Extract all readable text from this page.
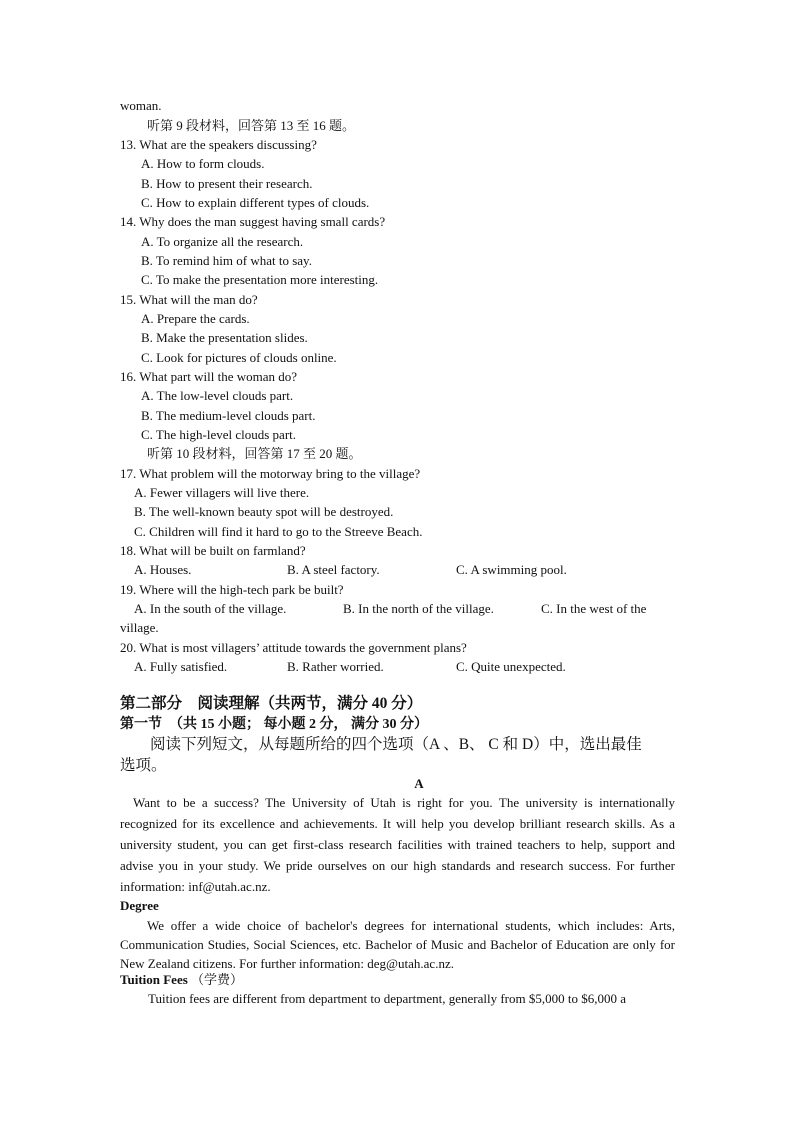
woman.
听第 9 段材料，回答第 13 至 16 题。
13. What are the speakers discussing?
A. How to form clouds.
B. How to present their research.
C. How to explain different types of clouds.
14. Why does the man suggest having small cards?
A. To organize all the research.
B. To remind him of what to say.
C. To make the presentation more interesting.
15. What will the man do?
A. Prepare the cards.
B. Make the presentation slides.
C. Look for pictures of clouds online.
16. What part will the woman do?
A. The low-level clouds part.
B. The medium-level clouds part.
C. The high-level clouds part.
听第 10 段材料，回答第 17 至 20 题。
17. What problem will the motorway bring to the village?
A. Fewer villagers will live there.
B. The well-known beauty spot will be destroyed.
C. Children will find it hard to go to the Streeve Beach.
18. What will be built on farmland?
A. Houses.	B. A steel factory.	C. A swimming pool.
19. Where will the high-tech park be built?
A. In the south of the village.	B. In the north of the village.	C. In the west of the
village.
20. What is most villagers’ attitude towards the government plans?
A. Fully satisfied.	B. Rather worried.	C. Quite unexpected.
第二部分　阅读理解（共两节，满分 40 分）
第一节　（共 15 小题； 每小题 2 分， 满分 30 分）
阅读下列短文，从每题所给的四个选项（A 、B、 C 和 D）中，选出最佳
选项。
A
Want to be a success? The University of Utah is right for you. The university is internationally recognized for its excellence and achievements. It will help you develop brilliant research skills. As a university student, you can get first-class research facilities with trained teachers to help, support and advise you in your study. We pride ourselves on our high standards and research success. For further information: inf@utah.ac.nz.
Degree
We offer a wide choice of bachelor's degrees for international students, which includes: Arts, Communication Studies, Social Sciences, etc. Bachelor of Music and Bachelor of Education are only for New Zealand citizens. For further information: deg@utah.ac.nz.
Tuition Fees （学费）
Tuition fees are different from department to department, generally from $5,000 to $6,000 a
